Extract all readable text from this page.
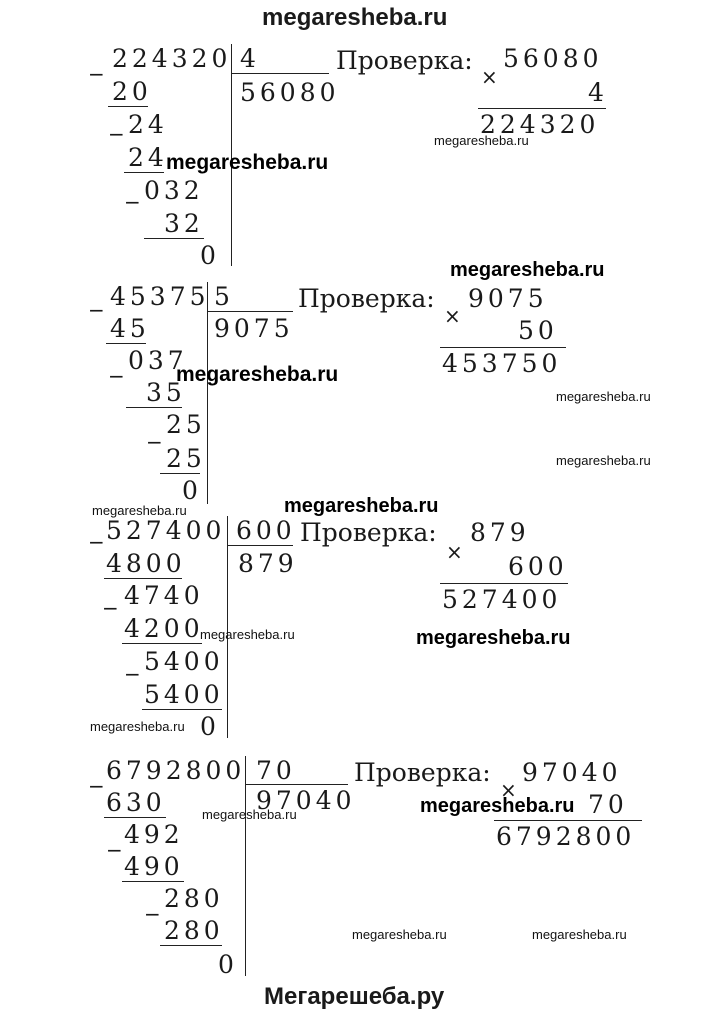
megaresheba.ru
−
224320 4
56080
20
− 24
24
− 032
32
0
Проверка: 56080
×
4
224320
− 45375 5
9075
45
037
−
35
−
25
25
0
Проверка: 9075
× 50
453750
− 527400 600
879
4800
− 4740
4200
− 5400
5400
0
Проверка: 879
× 600
527400
−
6792800 70
97040
630
492
−
490
280
−
280
0
Проверка: 97040
×	70
6792800
megaresheba.ru
megaresheba.ru
megaresheba.ru
megaresheba.ru
megaresheba.ru
megaresheba.ru
megaresheba.ru	megaresheba.ru
megaresheba.ru	megaresheba.ru
megaresheba.ru
megaresheba.ru	megaresheba.ru
megaresheba.ru	megaresheba.ru
Мегарешеба.ру
